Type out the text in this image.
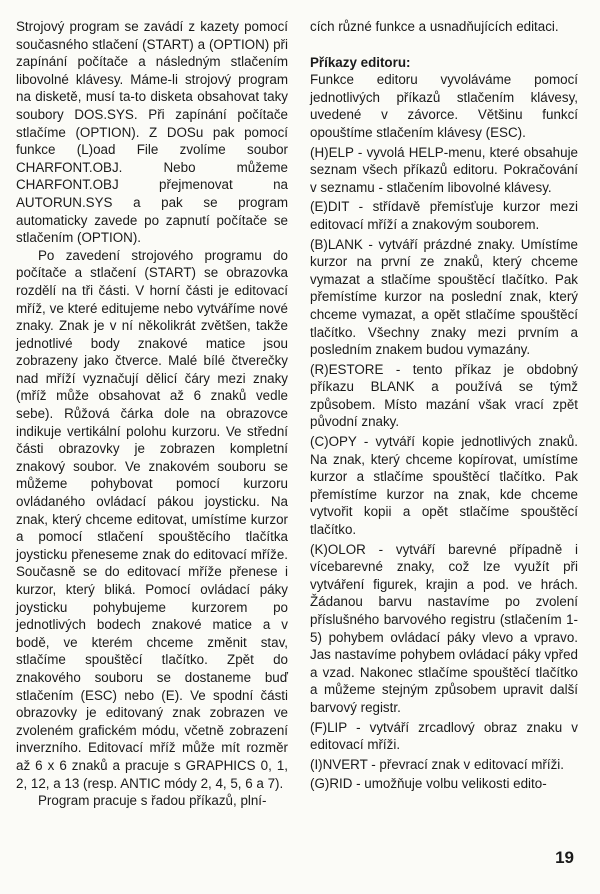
Strojový program se zavádí z kazety pomocí současného stlačení (START) a (OPTION) při zapínání počítače a následným stlačením libovolné klávesy. Máme-li strojový program na disketě, musí ta-to disketa obsahovat taky soubory DOS.SYS. Při zapínání počítače stlačíme (OPTION). Z DOSu pak pomocí funkce (L)oad File zvolíme soubor CHARFONT.OBJ. Nebo můžeme CHARFONT.OBJ přejmenovat na AUTORUN.SYS a pak se program automaticky zavede po zapnutí počítače se stlačením (OPTION).

Po zavedení strojového programu do počítače a stlačení (START) se obrazovka rozdělí na tři části. V horní části je editovací mříž, ve které editujeme nebo vytváříme nové znaky. Znak je v ní několikrát zvětšen, takže jednotlivé body znakové matice jsou zobrazeny jako čtverce. Malé bílé čtverečky nad mříží vyznačují dělicí čáry mezi znaky (mříž může obsahovat až 6 znaků vedle sebe). Růžová čárka dole na obrazovce indikuje vertikální polohu kurzoru. Ve střední části obrazovky je zobrazen kompletní znakový soubor. Ve znakovém souboru se můžeme pohybovat pomocí kurzoru ovládaného ovládací pákou joysticku. Na znak, který chceme editovat, umístíme kurzor a pomocí stlačení spouštěcího tlačítka joysticku přeneseme znak do editovací mříže. Současně se do editovací mříže přenese i kurzor, který bliká. Pomocí ovládací páky joysticku pohybujeme kurzorem po jednotlivých bodech znakové matice a v bodě, ve kterém chceme změnit stav, stlačíme spouštěcí tlačítko. Zpět do znakového souboru se dostaneme buď stlačením (ESC) nebo (E). Ve spodní části obrazovky je editovaný znak zobrazen ve zvoleném grafickém módu, včetně zobrazení inverzního. Editovací mříž může mít rozměr až 6 x 6 znaků a pracuje s GRAPHICS 0, 1, 2, 12, a 13 (resp. ANTIC módy 2, 4, 5, 6 a 7).

Program pracuje s řadou příkazů, plní-

cích různé funkce a usnadňujících editaci.

Příkazy editoru:

Funkce editoru vyvoláváme pomocí jednotlivých příkazů stlačením klávesy, uvedené v závorce. Většinu funkcí opouštíme stlačením klávesy (ESC).

(H)ELP - vyvolá HELP-menu, které obsahuje seznam všech příkazů editoru. Pokračování v seznamu - stlačením libovolné klávesy.

(E)DIT - střídavě přemísťuje kurzor mezi editovací mříží a znakovým souborem.

(B)LANK - vytváří prázdné znaky. Umístíme kurzor na první ze znaků, který chceme vymazat a stlačíme spouštěcí tlačítko. Pak přemístíme kurzor na poslední znak, který chceme vymazat, a opět stlačíme spouštěcí tlačítko. Všechny znaky mezi prvním a posledním znakem budou vymazány.

(R)ESTORE - tento příkaz je obdobný příkazu BLANK a používá se týmž způsobem. Místo mazání však vrací zpět původní znaky.

(C)OPY - vytváří kopie jednotlivých znaků. Na znak, který chceme kopírovat, umístíme kurzor a stlačíme spouštěcí tlačítko. Pak přemístíme kurzor na znak, kde chceme vytvořit kopii a opět stlačíme spouštěcí tlačítko.

(K)OLOR - vytváří barevné případně i vícebarevné znaky, což lze využít při vytváření figurek, krajin a pod. ve hrách. Žádanou barvu nastavíme po zvolení příslušného barvového registru (stlačením 1-5) pohybem ovládací páky vlevo a vpravo. Jas nastavíme pohybem ovládací páky vpřed a vzad. Nakonec stlačíme spouštěcí tlačítko a můžeme stejným způsobem upravit další barvový registr.

(F)LIP - vytváří zrcadlový obraz znaku v editovací mříži.

(I)NVERT - převrací znak v editovací mříži.

(G)RID - umožňuje volbu velikosti edito-

19
